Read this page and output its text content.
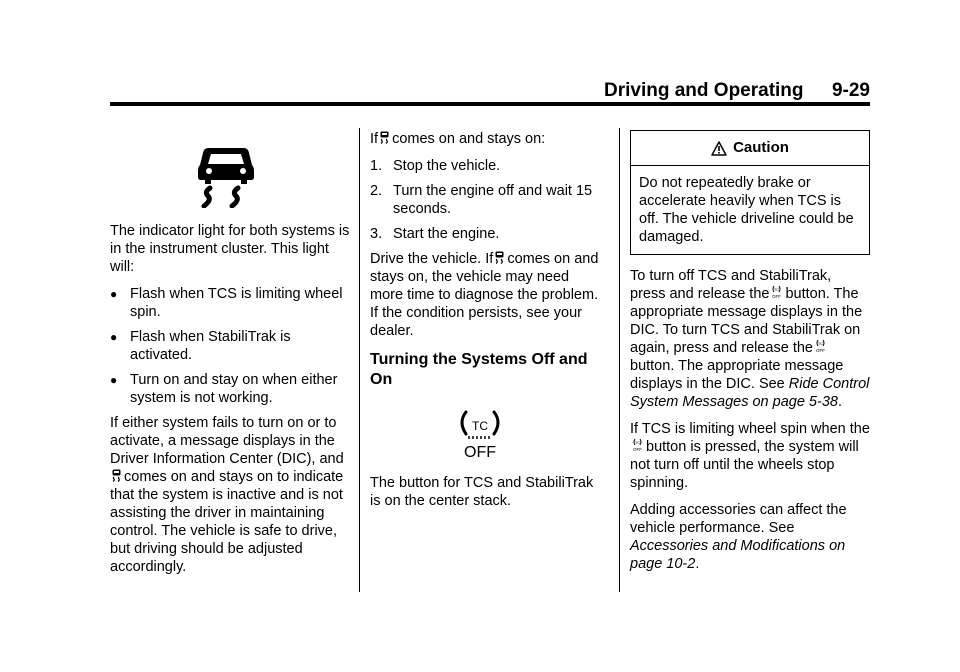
Driving and Operating 9-29

The indicator light for both systems is in the instrument cluster. This light will:

● Flash when TCS is limiting wheel spin.
● Flash when StabiliTrak is activated.
● Turn on and stay on when either system is not working.

If either system fails to turn on or to activate, a message displays in the Driver Information Center (DIC), and comes on and stays on to indicate that the system is inactive and is not assisting the driver in maintaining control. The vehicle is safe to drive, but driving should be adjusted accordingly.

If comes on and stays on:

1. Stop the vehicle.
2. Turn the engine off and wait 15 seconds.
3. Start the engine.

Drive the vehicle. If comes on and stays on, the vehicle may need more time to diagnose the problem. If the condition persists, see your dealer.

Turning the Systems Off and On
TC
OFF

The button for TCS and StabiliTrak is on the center stack.

Caution
Do not repeatedly brake or accelerate heavily when TCS is off. The vehicle driveline could be damaged.

To turn off TCS and StabiliTrak, press and release the TC
OFF button. The appropriate message displays in the DIC. To turn TCS and StabiliTrak on again, press and release the TC
OFF
button. The appropriate message displays in the DIC. See Ride Control System Messages on page 5-38.

If TCS is limiting wheel spin when the
TC
OFF button is pressed, the system will not turn off until the wheels stop spinning.

Adding accessories can affect the vehicle performance. See Accessories and Modifications on page 10-2.
